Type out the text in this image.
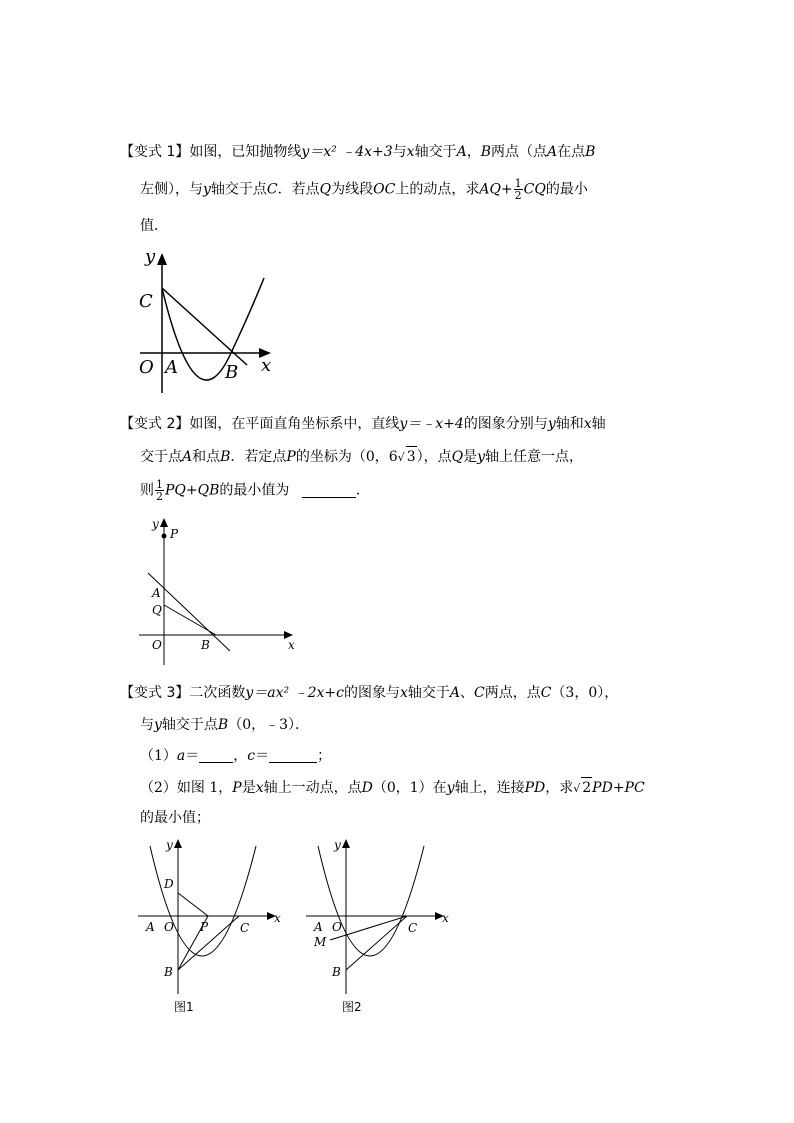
【变式 1】如图，已知抛物线y＝x² ﹣4x+3与x轴交于A，B两点（点A在点B
左侧），与y轴交于点C．若点Q为线段OC上的动点，求$AQ+ \frac{1}{2}$ CQ的最小
值．
y
C
O A	B x
【变式 2】如图，在平面直角坐标系中，直线y＝﹣x+4的图象分别与y轴和x轴
交于点A和点B．若定点P的坐标为（0，6√ 3），点Q是y轴上任意一点，
则 $\frac{1}{2} PQ+QB$的最小值为	．
y
P
A
Q
O	B	x
【变式 3】二次函数y＝ax² ﹣2x+c的图象与x轴交于A、C两点，点C（3，0），
与y轴交于点B（0，﹣3）．
（1）a＝ ，c＝	；
（2）如图 1，P是x轴上一动点，点D（0，1）在y轴上，连接PD，求√ 2PD+PC
的最小值；
y
D
A O P	C
B
x
图1
y
A O
M
C
B
x
图2
